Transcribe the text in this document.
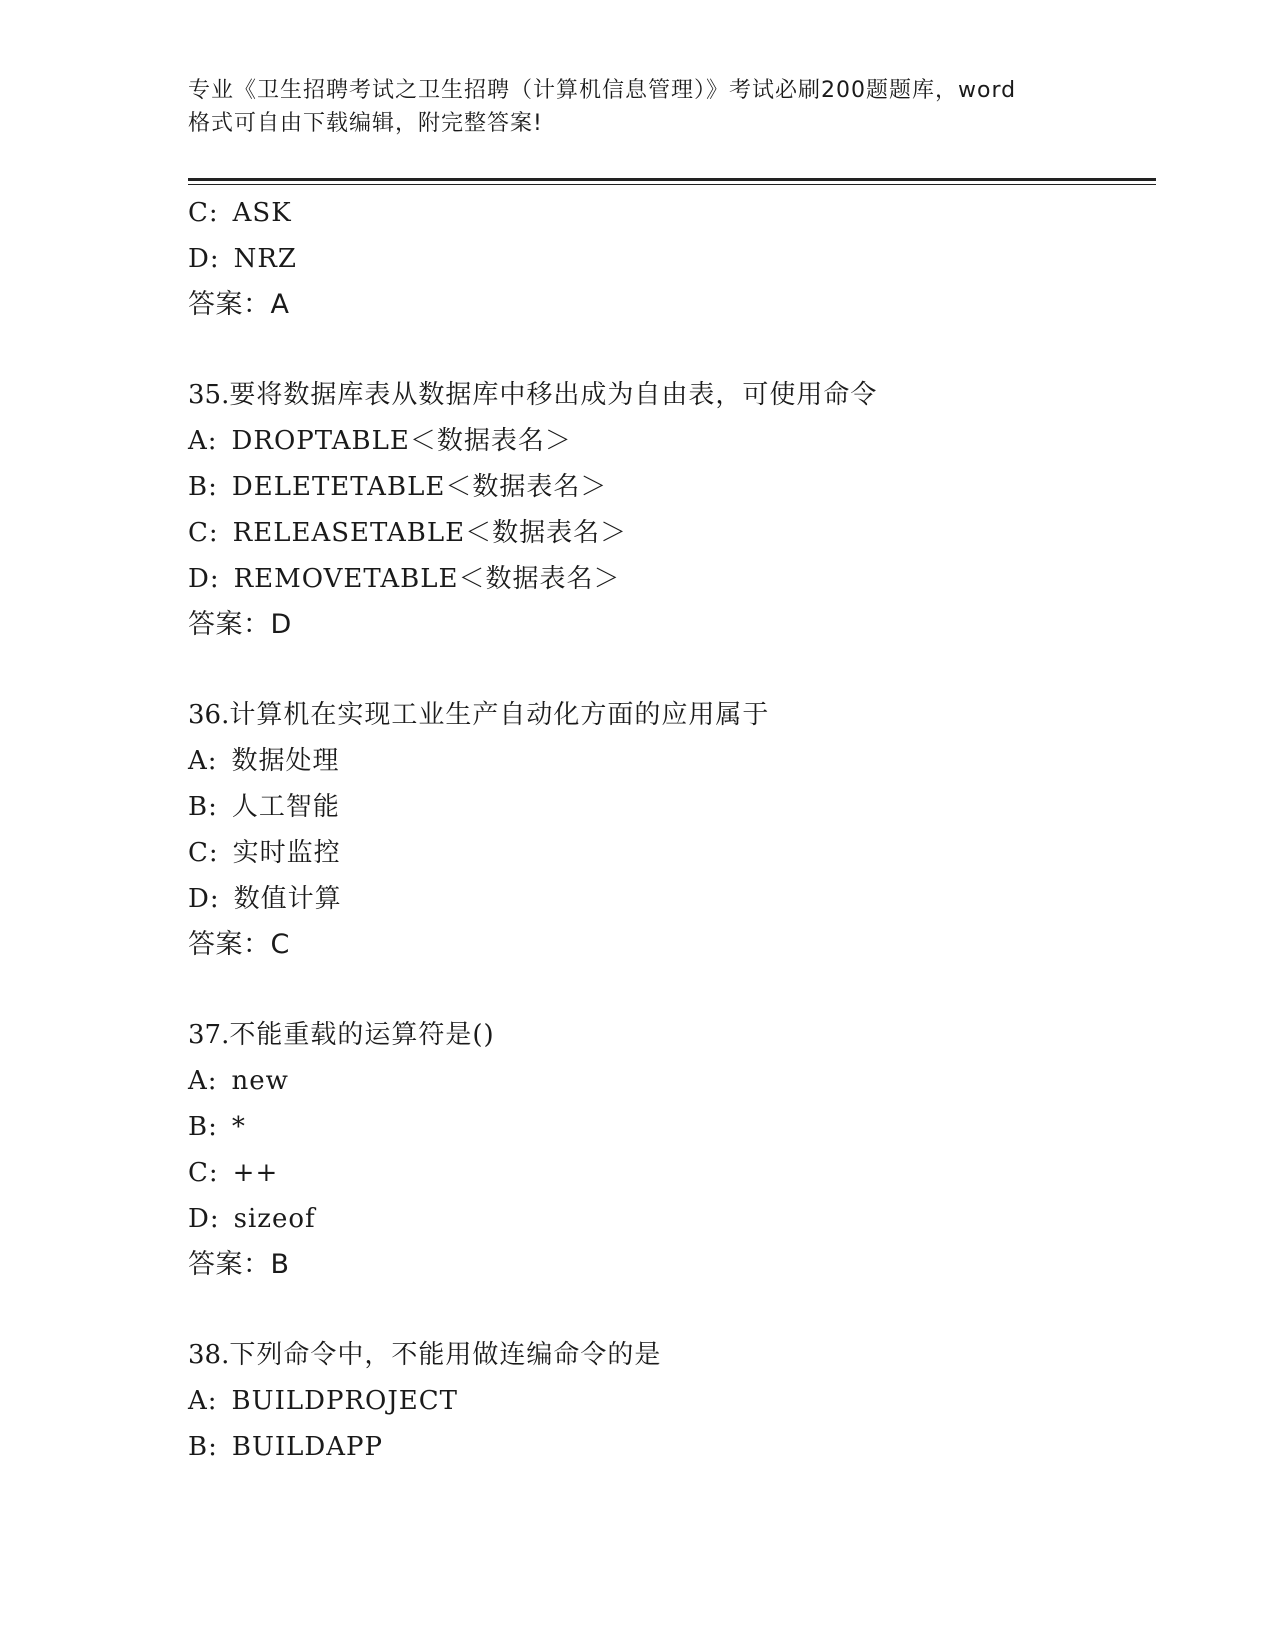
专业《卫生招聘考试之卫生招聘（计算机信息管理）》考试必刷200题题库，word
格式可自由下载编辑，附完整答案!
C: ASK
D: NRZ
答案：A
35.要将数据库表从数据库中移出成为自由表，可使用命令
A: DROPTABLE＜数据表名＞
B: DELETETABLE＜数据表名＞
C: RELEASETABLE＜数据表名＞
D: REMOVETABLE＜数据表名＞
答案：D
36.计算机在实现工业生产自动化方面的应用属于
A: 数据处理
B: 人工智能
C: 实时监控
D: 数值计算
答案：C
37.不能重载的运算符是()
A: new
B: *
C: ++
D: sizeof
答案：B
38.下列命令中，不能用做连编命令的是
A: BUILDPROJECT
B: BUILDAPP
